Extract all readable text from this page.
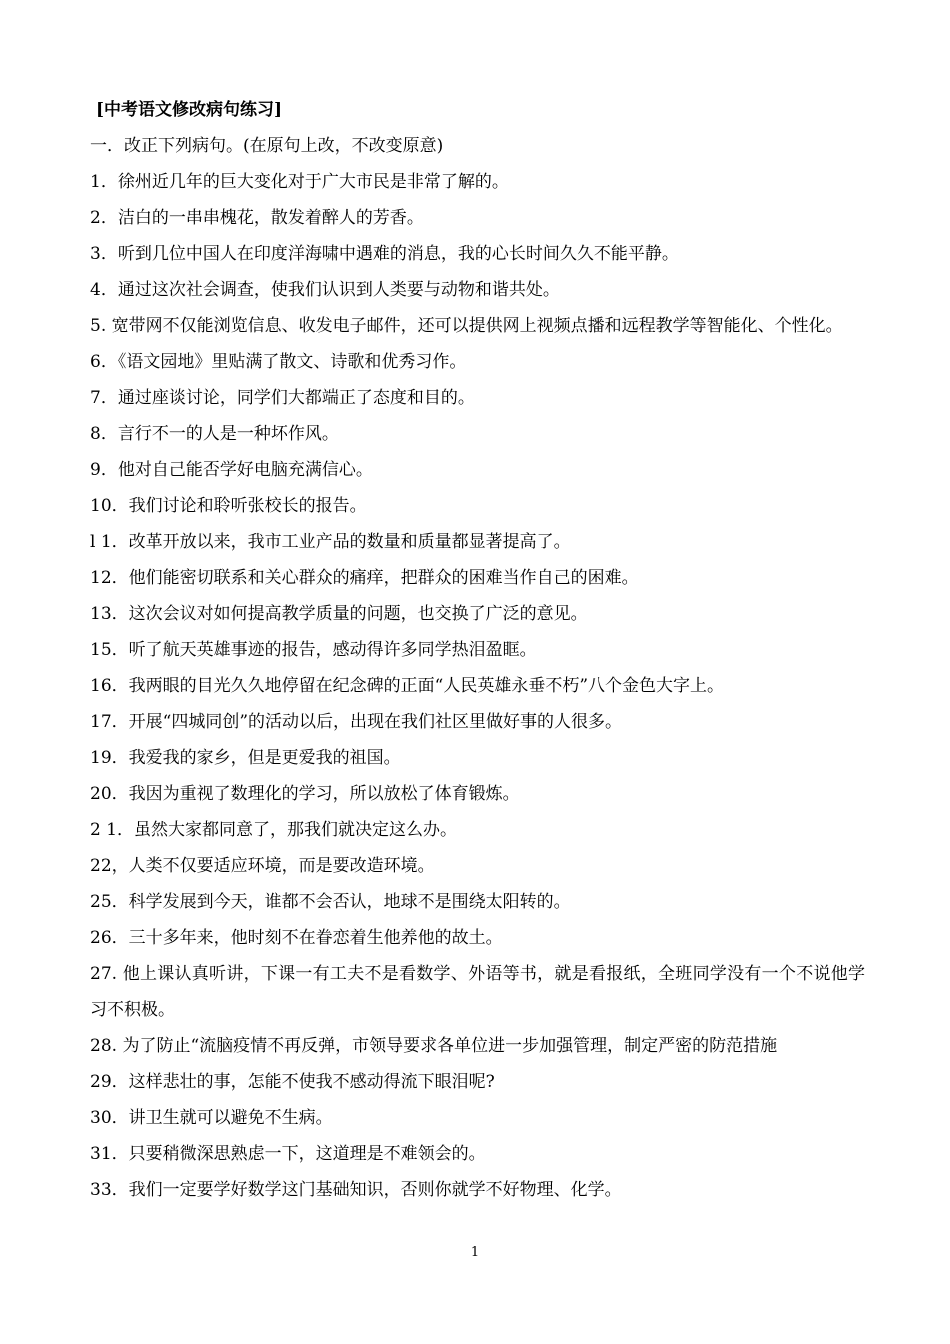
[中考语文修改病句练习]
一．改正下列病句。(在原句上改，不改变原意)
1．徐州近几年的巨大变化对于广大市民是非常了解的。
2．洁白的一串串槐花，散发着醉人的芳香。
3．听到几位中国人在印度洋海啸中遇难的消息，我的心长时间久久不能平静。
4．通过这次社会调查，使我们认识到人类要与动物和谐共处。
5. 宽带网不仅能浏览信息、收发电子邮件，还可以提供网上视频点播和远程教学等智能化、个性化。
6．《语文园地》里贴满了散文、诗歌和优秀习作。
7．通过座谈讨论，同学们大都端正了态度和目的。
8．言行不一的人是一种坏作风。
9．他对自己能否学好电脑充满信心。
10．我们讨论和聆听张校长的报告。
l 1．改革开放以来，我市工业产品的数量和质量都显著提高了。
12．他们能密切联系和关心群众的痛痒，把群众的困难当作自己的困难。
13．这次会议对如何提高教学质量的问题，也交换了广泛的意见。
15．听了航天英雄事迹的报告，感动得许多同学热泪盈眶。
16．我两眼的目光久久地停留在纪念碑的正面“人民英雄永垂不朽”八个金色大字上。
17．开展“四城同创”的活动以后，出现在我们社区里做好事的人很多。
19．我爱我的家乡，但是更爱我的祖国。
20．我因为重视了数理化的学习，所以放松了体育锻炼。
2 1．虽然大家都同意了，那我们就决定这么办。
22，人类不仅要适应环境，而是要改造环境。
25．科学发展到今天，谁都不会否认，地球不是围绕太阳转的。
26．三十多年来，他时刻不在眷恋着生他养他的故土。
27. 他上课认真听讲，下课一有工夫不是看数学、外语等书，就是看报纸，全班同学没有一个不说他学习不积极。
28. 为了防止“流脑疫情不再反弹，市领导要求各单位进一步加强管理，制定严密的防范措施
29．这样悲壮的事，怎能不使我不感动得流下眼泪呢?
30．讲卫生就可以避免不生病。
31．只要稍微深思熟虑一下，这道理是不难领会的。
33．我们一定要学好数学这门基础知识，否则你就学不好物理、化学。
1
